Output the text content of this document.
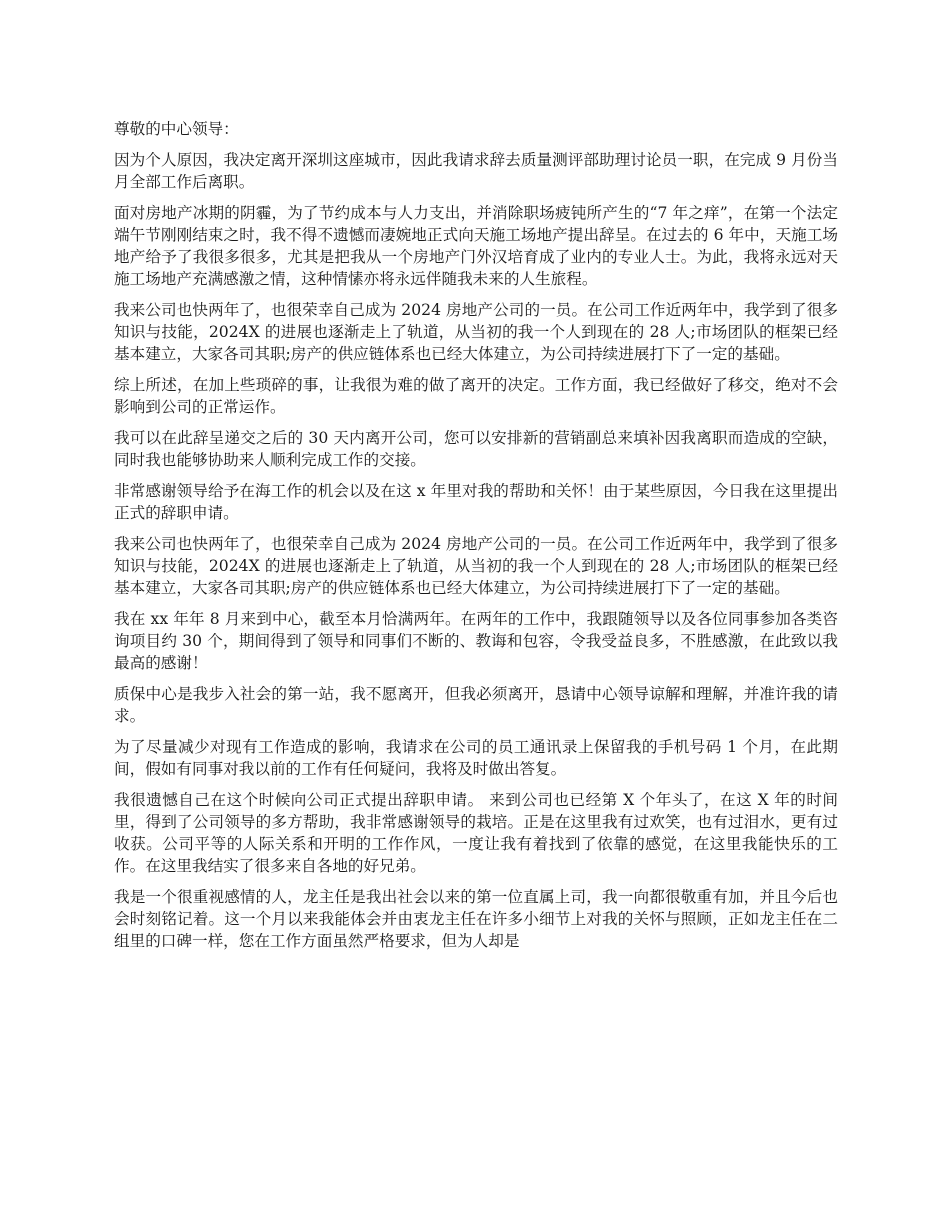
尊敬的中心领导：

因为个人原因，我决定离开深圳这座城市，因此我请求辞去质量测评部助理讨论员一职，在完成 9 月份当月全部工作后离职。

面对房地产冰期的阴霾，为了节约成本与人力支出，并消除职场疲钝所产生的“7 年之痒”，在第一个法定端午节刚刚结束之时，我不得不遗憾而凄婉地正式向天施工场地产提出辞呈。在过去的 6 年中，天施工场地产给予了我很多很多，尤其是把我从一个房地产门外汉培育成了业内的专业人士。为此，我将永远对天施工场地产充满感激之情，这种情愫亦将永远伴随我未来的人生旅程。

我来公司也快两年了，也很荣幸自己成为 2024 房地产公司的一员。在公司工作近两年中，我学到了很多知识与技能，2024X 的进展也逐渐走上了轨道，从当初的我一个人到现在的 28 人;市场团队的框架已经基本建立，大家各司其职;房产的供应链体系也已经大体建立，为公司持续进展打下了一定的基础。

综上所述，在加上些琐碎的事，让我很为难的做了离开的决定。工作方面，我已经做好了移交，绝对不会影响到公司的正常运作。

我可以在此辞呈递交之后的 30 天内离开公司，您可以安排新的营销副总来填补因我离职而造成的空缺，同时我也能够协助来人顺利完成工作的交接。

非常感谢领导给予在海工作的机会以及在这 x 年里对我的帮助和关怀！由于某些原因，今日我在这里提出正式的辞职申请。

我来公司也快两年了，也很荣幸自己成为 2024 房地产公司的一员。在公司工作近两年中，我学到了很多知识与技能，2024X 的进展也逐渐走上了轨道，从当初的我一个人到现在的 28 人;市场团队的框架已经基本建立，大家各司其职;房产的供应链体系也已经大体建立，为公司持续进展打下了一定的基础。

我在 xx 年年 8 月来到中心，截至本月恰满两年。在两年的工作中，我跟随领导以及各位同事参加各类咨询项目约 30 个，期间得到了领导和同事们不断的、教诲和包容，令我受益良多，不胜感激，在此致以我最高的感谢！

质保中心是我步入社会的第一站，我不愿离开，但我必须离开，恳请中心领导谅解和理解，并准许我的请求。

为了尽量减少对现有工作造成的影响，我请求在公司的员工通讯录上保留我的手机号码 1 个月，在此期间，假如有同事对我以前的工作有任何疑问，我将及时做出答复。

我很遗憾自己在这个时候向公司正式提出辞职申请。 来到公司也已经第 X 个年头了，在这 X 年的时间里，得到了公司领导的多方帮助，我非常感谢领导的栽培。正是在这里我有过欢笑，也有过泪水，更有过收获。公司平等的人际关系和开明的工作作风，一度让我有着找到了依靠的感觉，在这里我能快乐的工作。在这里我结实了很多来自各地的好兄弟。

我是一个很重视感情的人，龙主任是我出社会以来的第一位直属上司，我一向都很敬重有加，并且今后也会时刻铭记着。这一个月以来我能体会并由衷龙主任在许多小细节上对我的关怀与照顾，正如龙主任在二组里的口碑一样，您在工作方面虽然严格要求，但为人却是
